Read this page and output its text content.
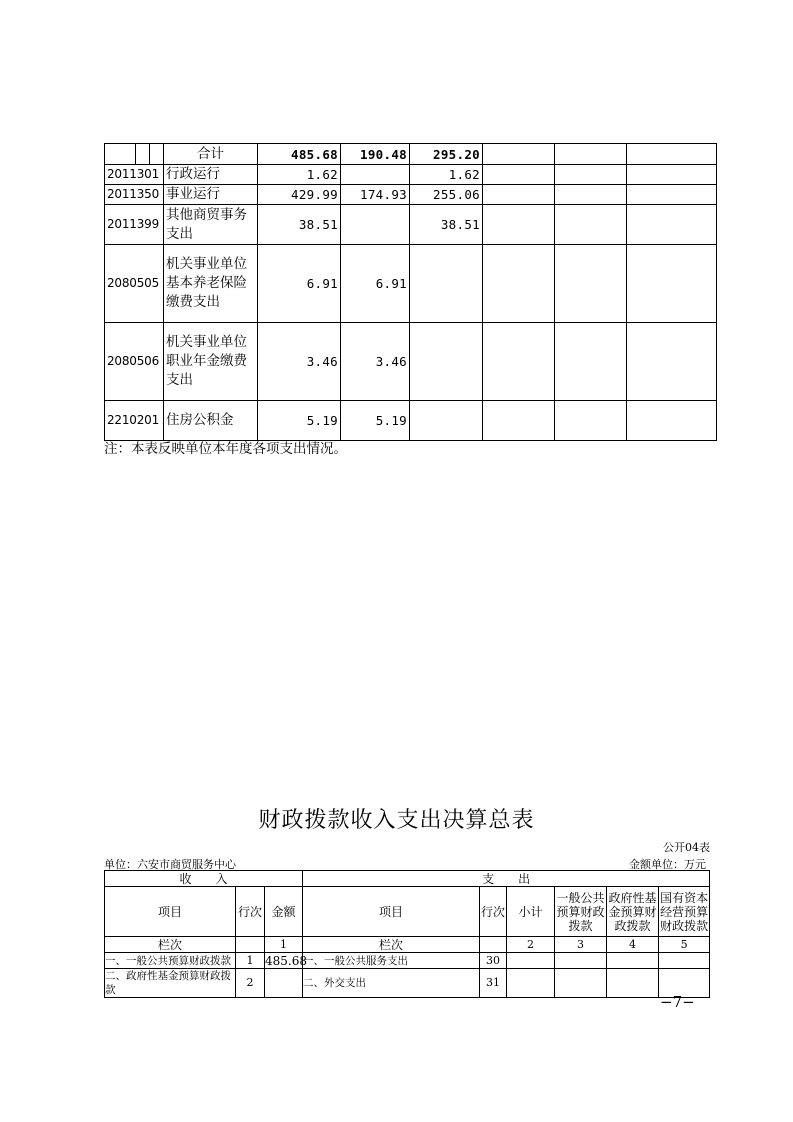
			合计	485.68	190.48	295.20			
2011301			行政运行	1.62		1.62			
2011350			事业运行	429.99	174.93	255.06			
2011399			其他商贸事务支出	38.51		38.51			
2080505			机关事业单位基本养老保险缴费支出	6.91	6.91				
2080506			机关事业单位职业年金缴费支出	3.46	3.46				
2210201			住房公积金	5.19	5.19				
注：本表反映单位本年度各项支出情况。
财政拨款收入支出决算总表
公开04表
单位：六安市商贸服务中心	金额单位：万元
收　　入			支　　出					
项目	行次	金额	项目	行次	小计	一般公共预算财政拨款	政府性基金预算财政拨款	国有资本经营预算财政拨款
栏次		1	栏次		2	3	4	5
一、一般公共预算财政拨款	1	485.68	一、一般公共服务支出	30				
二、政府性基金预算财政拨款	2		二、外交支出	31				
−7−
